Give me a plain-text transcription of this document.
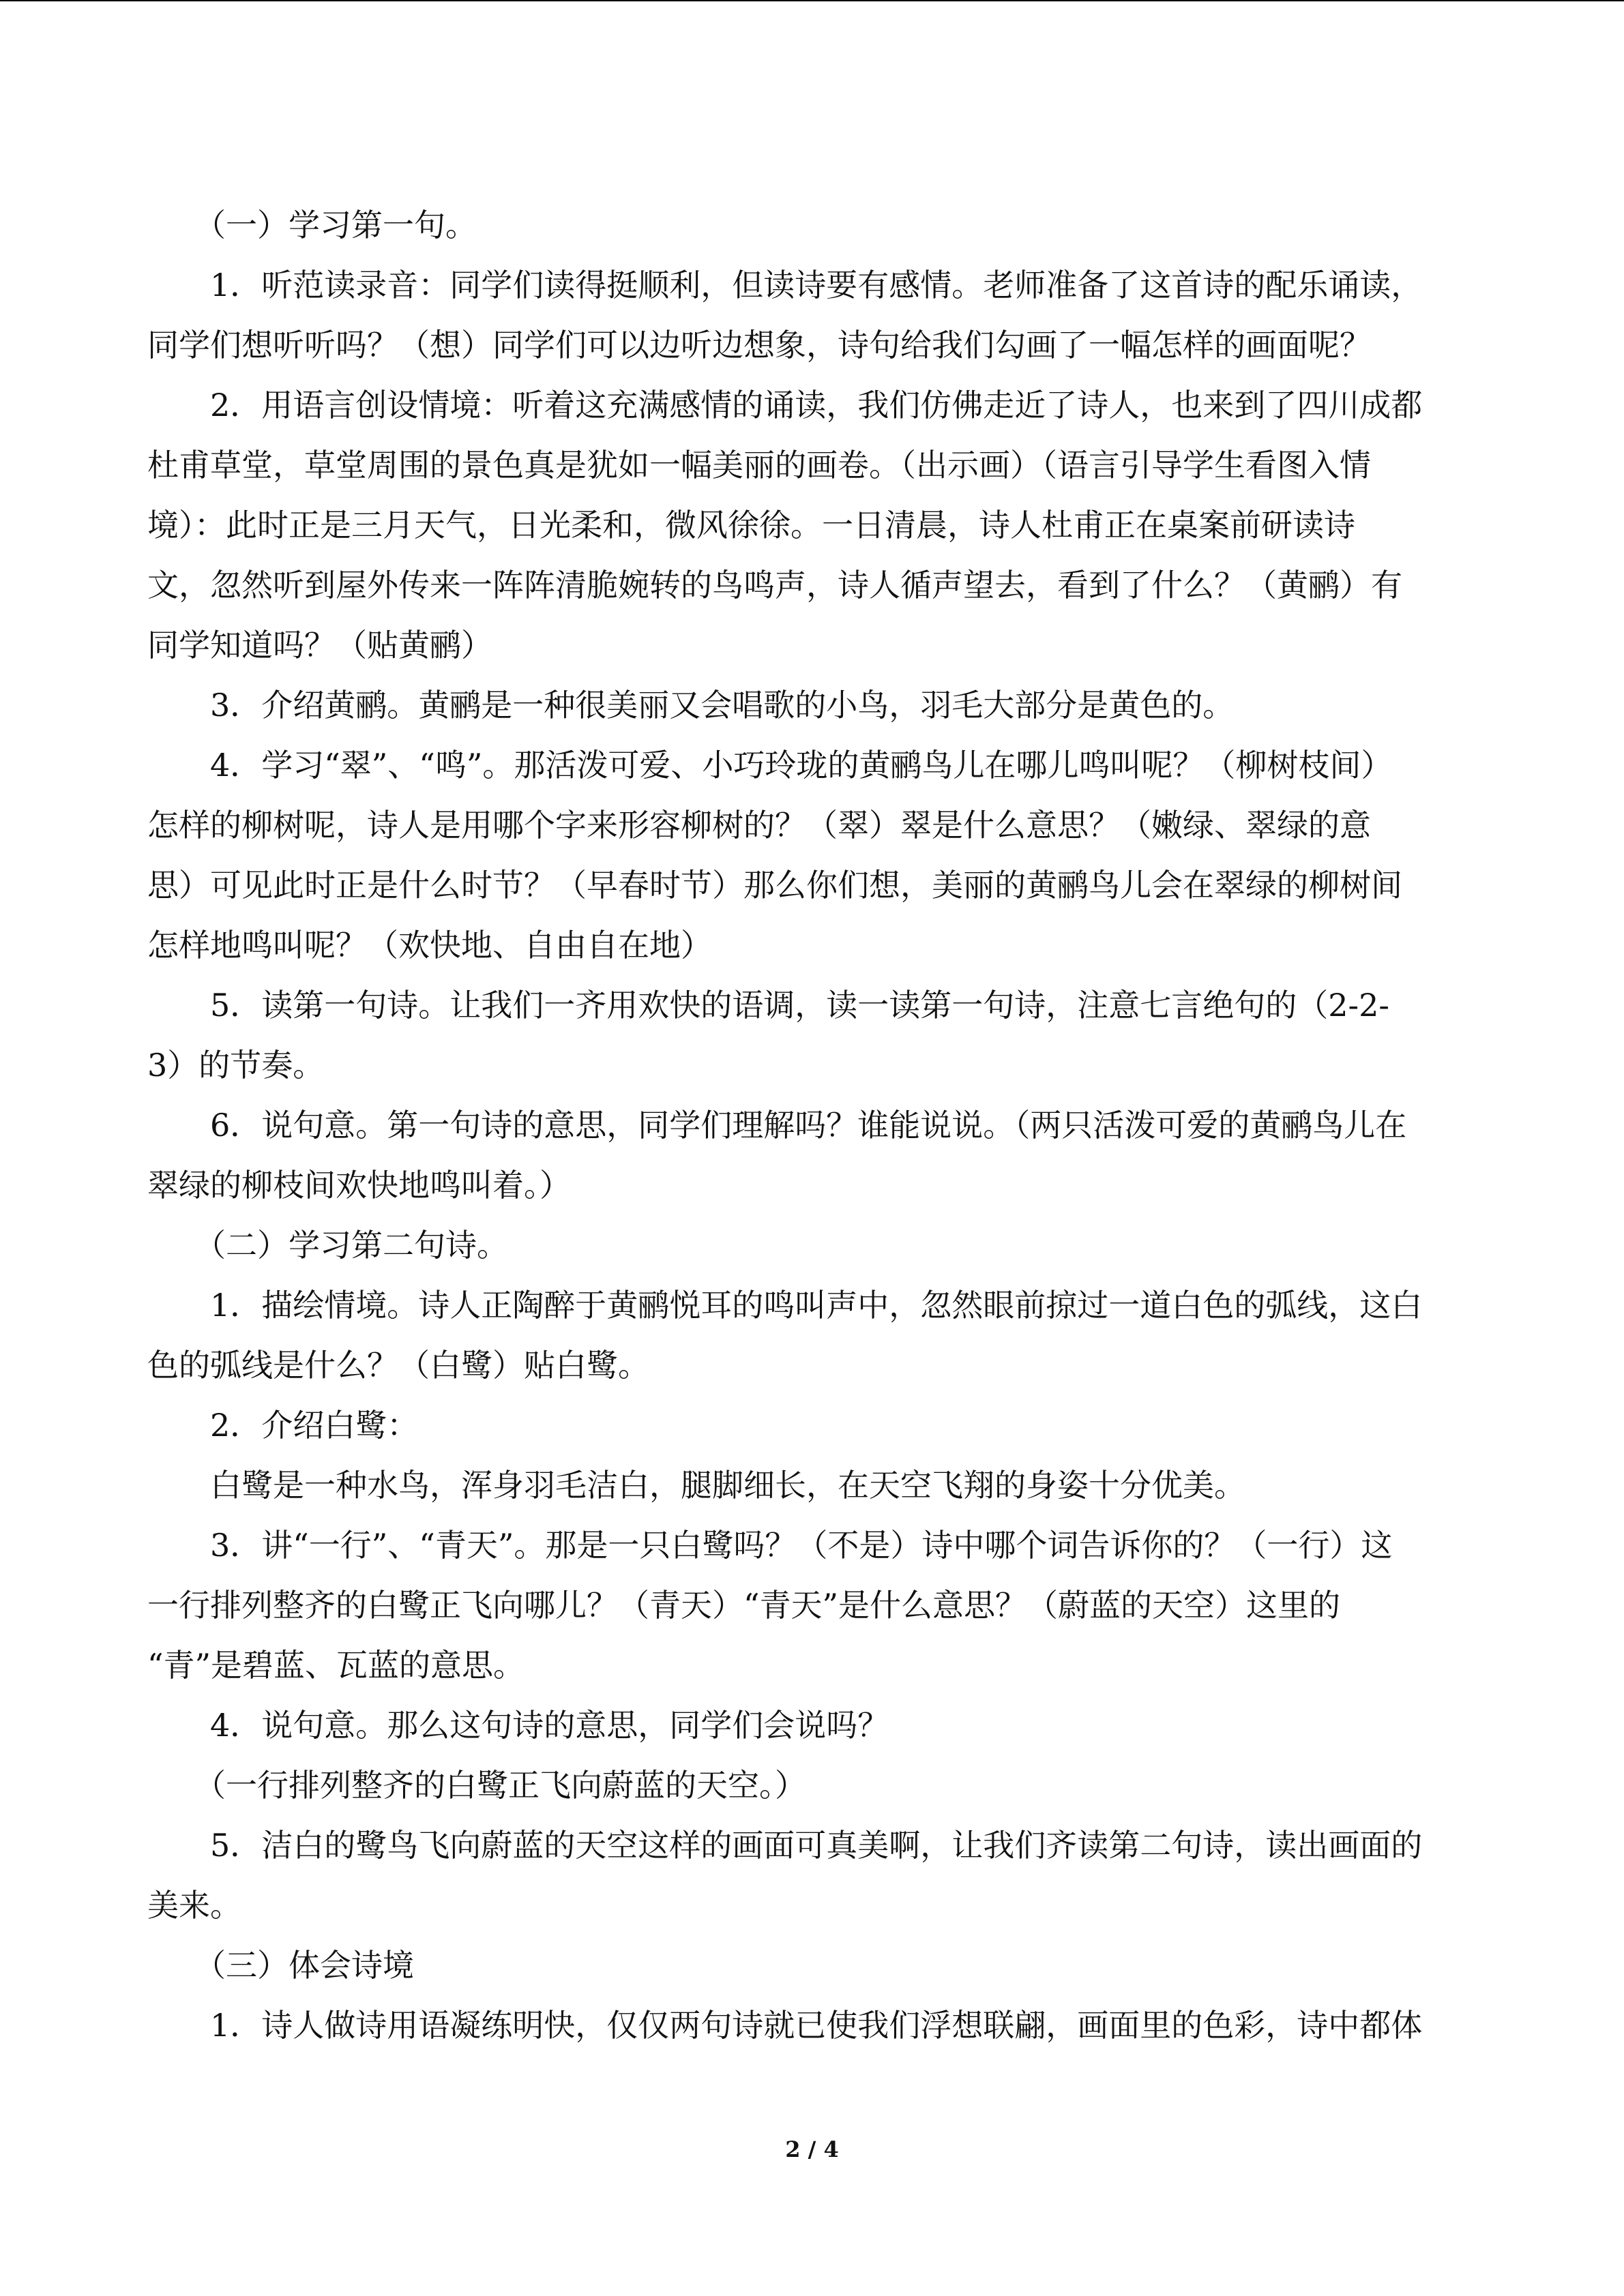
　　（一）学习第一句。

　　1．听范读录音：同学们读得挺顺利，但读诗要有感情。老师准备了这首诗的配乐诵读，

同学们想听听吗？（想）同学们可以边听边想象，诗句给我们勾画了一幅怎样的画面呢？

　　2．用语言创设情境：听着这充满感情的诵读，我们仿佛走近了诗人，也来到了四川成都

杜甫草堂，草堂周围的景色真是犹如一幅美丽的画卷。（出示画）（语言引导学生看图入情

境）：此时正是三月天气，日光柔和，微风徐徐。一日清晨，诗人杜甫正在桌案前研读诗

文，忽然听到屋外传来一阵阵清脆婉转的鸟鸣声，诗人循声望去，看到了什么？（黄鹂）有

同学知道吗？（贴黄鹂）

　　3．介绍黄鹂。黄鹂是一种很美丽又会唱歌的小鸟，羽毛大部分是黄色的。

　　4．学习“翠”、“鸣”。那活泼可爱、小巧玲珑的黄鹂鸟儿在哪儿鸣叫呢？（柳树枝间）

怎样的柳树呢，诗人是用哪个字来形容柳树的？（翠）翠是什么意思？（嫩绿、翠绿的意

思）可见此时正是什么时节？（早春时节）那么你们想，美丽的黄鹂鸟儿会在翠绿的柳树间

怎样地鸣叫呢？（欢快地、自由自在地）

　　5．读第一句诗。让我们一齐用欢快的语调，读一读第一句诗，注意七言绝句的（2-2-

3）的节奏。

　　6．说句意。第一句诗的意思，同学们理解吗？谁能说说。（两只活泼可爱的黄鹂鸟儿在

翠绿的柳枝间欢快地鸣叫着。）

　　（二）学习第二句诗。

　　1．描绘情境。诗人正陶醉于黄鹂悦耳的鸣叫声中，忽然眼前掠过一道白色的弧线，这白

色的弧线是什么？（白鹭）贴白鹭。

　　2．介绍白鹭：

　　白鹭是一种水鸟，浑身羽毛洁白，腿脚细长，在天空飞翔的身姿十分优美。

　　3．讲“一行”、“青天”。那是一只白鹭吗？（不是）诗中哪个词告诉你的？（一行）这

一行排列整齐的白鹭正飞向哪儿？（青天）“青天”是什么意思？（蔚蓝的天空）这里的

“青”是碧蓝、瓦蓝的意思。

　　4．说句意。那么这句诗的意思，同学们会说吗？

　　（一行排列整齐的白鹭正飞向蔚蓝的天空。）

　　5．洁白的鹭鸟飞向蔚蓝的天空这样的画面可真美啊，让我们齐读第二句诗，读出画面的

美来。

　　（三）体会诗境

　　1．诗人做诗用语凝练明快，仅仅两句诗就已使我们浮想联翩，画面里的色彩，诗中都体

2 / 4
